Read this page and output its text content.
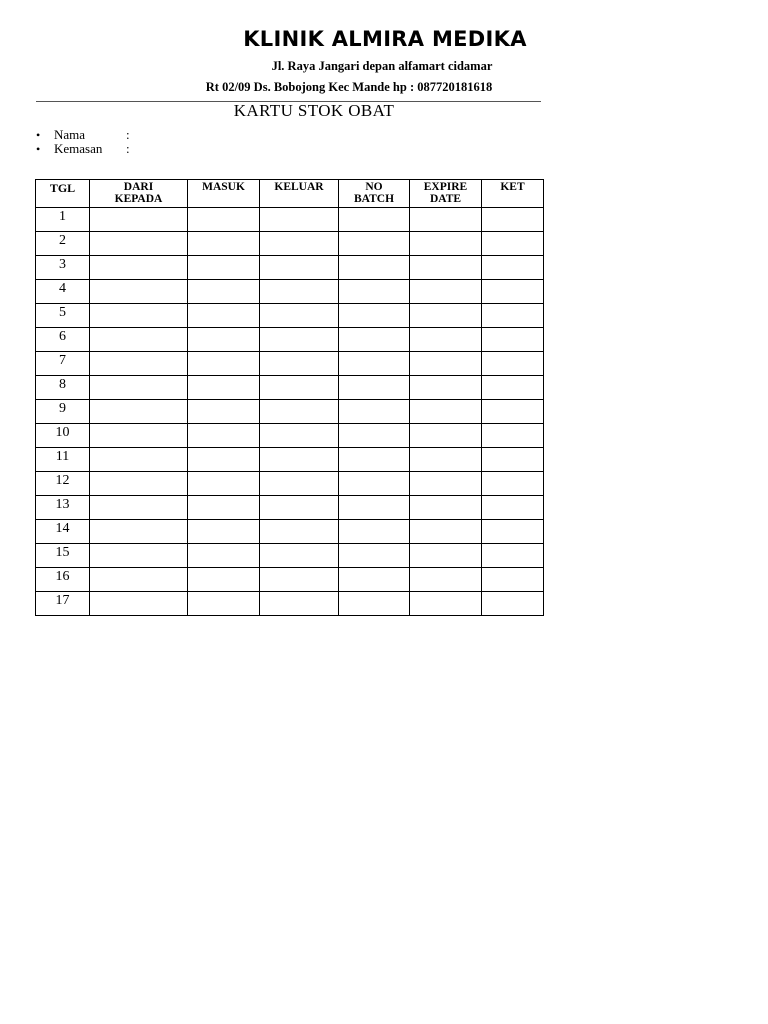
KLINIK ALMIRA MEDIKA
Jl. Raya Jangari depan alfamart cidamar
Rt 02/09 Ds. Bobojong Kec Mande hp : 087720181618
KARTU STOK OBAT
• Nama	:
• Kemasan :
TGL	DARI KEPADA	MASUK	KELUAR	NO BATCH	EXPIRE DATE	KET
1						
2						
3						
4						
5						
6						
7						
8						
9						
10						
11						
12						
13						
14						
15						
16						
17						
